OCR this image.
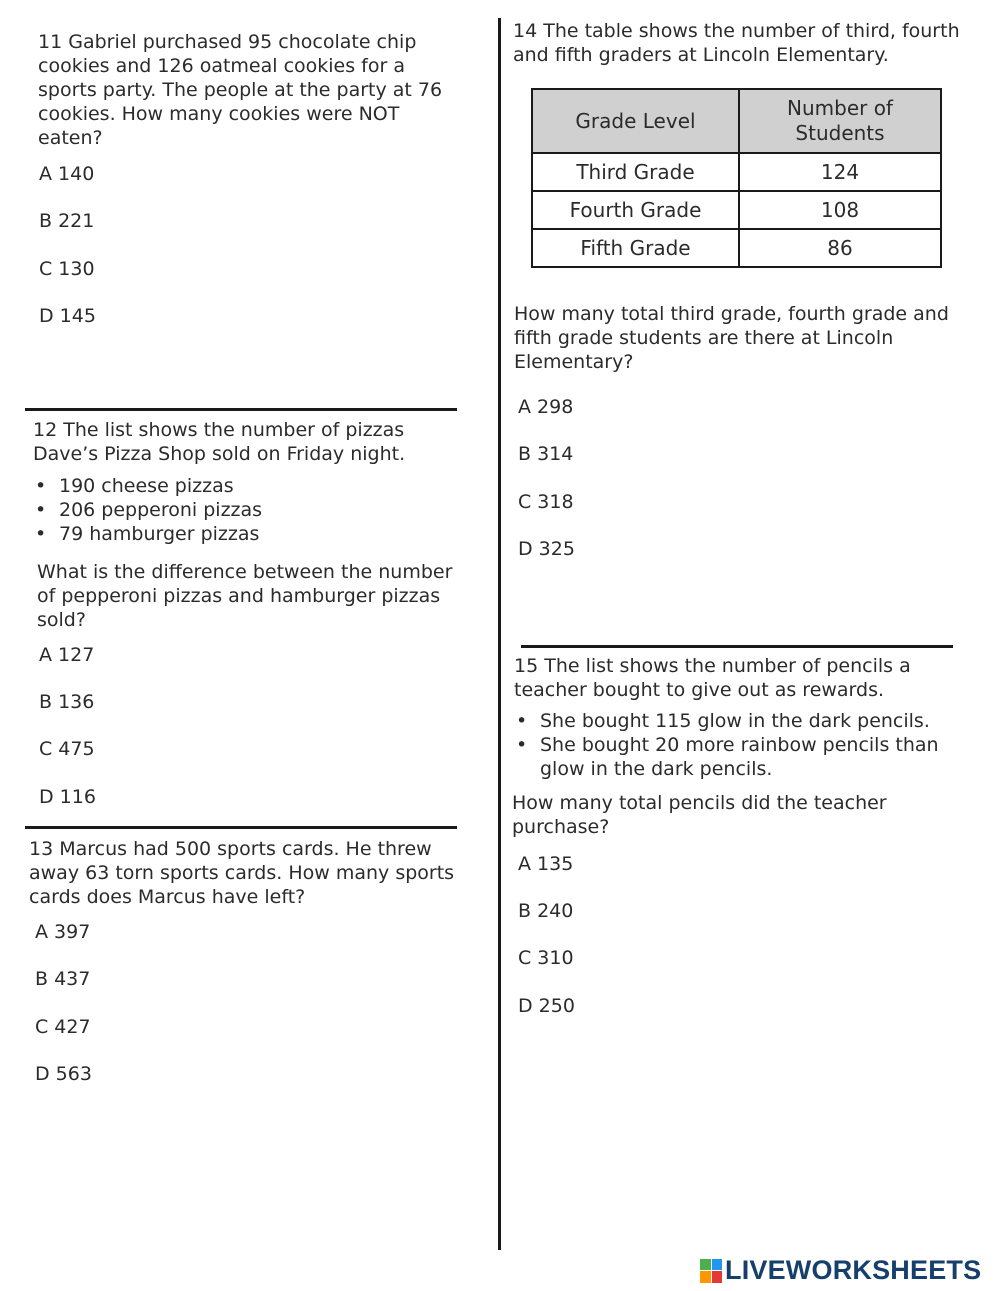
11 Gabriel purchased 95 chocolate chip cookies and 126 oatmeal cookies for a sports party. The people at the party at 76 cookies. How many cookies were NOT eaten?

A 140
B 221
C 130
D 145

12 The list shows the number of pizzas Dave’s Pizza Shop sold on Friday night.

• 190 cheese pizzas
• 206 pepperoni pizzas
• 79 hamburger pizzas

What is the difference between the number of pepperoni pizzas and hamburger pizzas sold?

A 127
B 136
C 475
D 116

13 Marcus had 500 sports cards. He threw away 63 torn sports cards. How many sports cards does Marcus have left?

A 397
B 437
C 427
D 563

14 The table shows the number of third, fourth and fifth graders at Lincoln Elementary.

Grade Level	Number of Students
Third Grade	124
Fourth Grade	108
Fifth Grade	86

How many total third grade, fourth grade and fifth grade students are there at Lincoln Elementary?

A 298
B 314
C 318
D 325

15 The list shows the number of pencils a teacher bought to give out as rewards.

• She bought 115 glow in the dark pencils.
• She bought 20 more rainbow pencils than glow in the dark pencils.

How many total pencils did the teacher purchase?

A 135
B 240
C 310
D 250
LIVEWORKSHEETS
